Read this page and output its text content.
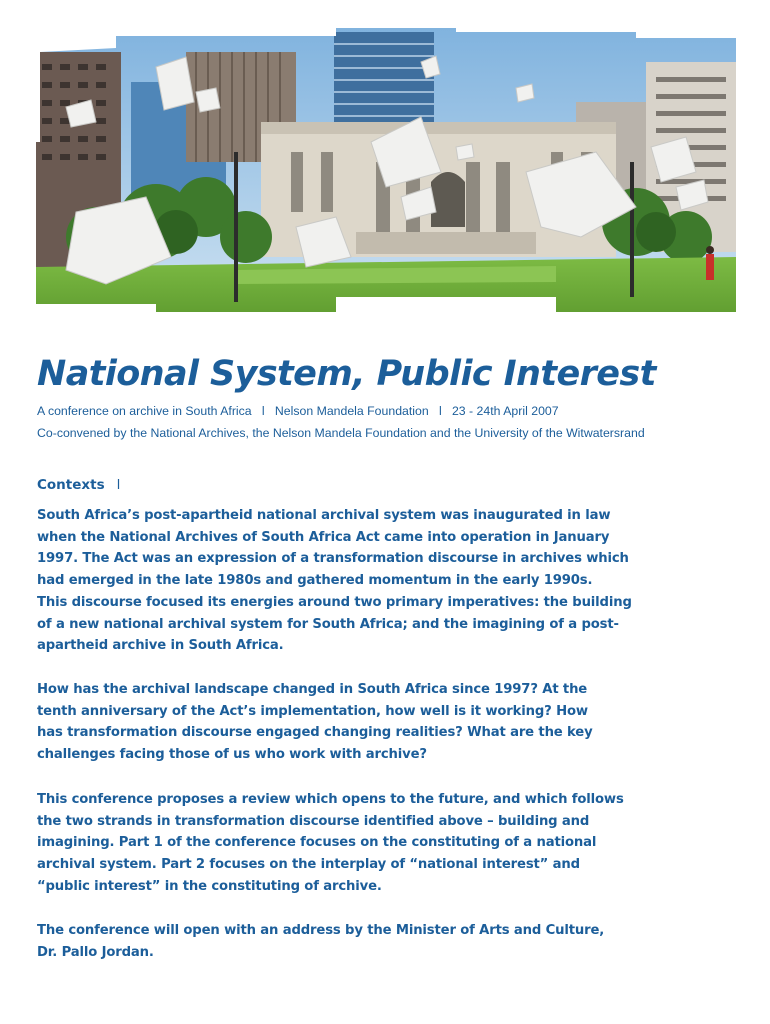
National System, Public Interest

A conference on archive in South Africa l Nelson Mandela Foundation l 23 - 24th April 2007

Co-convened by the National Archives, the Nelson Mandela Foundation and the University of the Witwatersrand

Contexts l

South Africa’s post-apartheid national archival system was inaugurated in law
when the National Archives of South Africa Act came into operation in January
1997. The Act was an expression of a transformation discourse in archives which
had emerged in the late 1980s and gathered momentum in the early 1990s.
This discourse focused its energies around two primary imperatives: the building
of a new national archival system for South Africa; and the imagining of a post-
apartheid archive in South Africa.

How has the archival landscape changed in South Africa since 1997? At the
tenth anniversary of the Act’s implementation, how well is it working? How
has transformation discourse engaged changing realities? What are the key
challenges facing those of us who work with archive?

This conference proposes a review which opens to the future, and which follows
the two strands in transformation discourse identified above – building and
imagining. Part 1 of the conference focuses on the constituting of a national
archival system. Part 2 focuses on the interplay of “national interest” and
“public interest” in the constituting of archive.

The conference will open with an address by the Minister of Arts and Culture,
Dr. Pallo Jordan.
